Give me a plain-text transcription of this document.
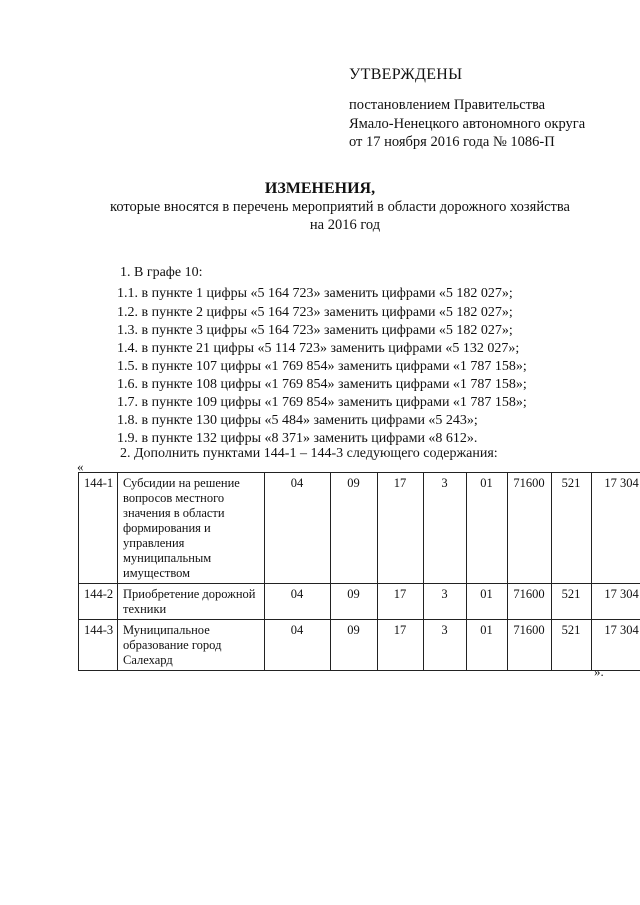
УТВЕРЖДЕНЫ
постановлением Правительства
Ямало-Ненецкого автономного округа
от 17 ноября 2016 года № 1086-П
ИЗМЕНЕНИЯ,
которые вносятся в перечень мероприятий в области дорожного хозяйства
на 2016 год
1. В графе 10:
1.1. в пункте 1 цифры «5 164 723» заменить цифрами «5 182 027»;
1.2. в пункте 2 цифры «5 164 723» заменить цифрами «5 182 027»;
1.3. в пункте 3 цифры «5 164 723» заменить цифрами «5 182 027»;
1.4. в пункте 21 цифры «5 114 723» заменить цифрами «5 132 027»;
1.5. в пункте 107 цифры «1 769 854» заменить цифрами «1 787 158»;
1.6. в пункте 108 цифры «1 769 854» заменить цифрами «1 787 158»;
1.7. в пункте 109 цифры «1 769 854» заменить цифрами «1 787 158»;
1.8. в пункте 130 цифры «5 484» заменить цифрами «5 243»;
1.9. в пункте 132 цифры «8 371» заменить цифрами «8 612».
2. Дополнить пунктами 144-1 – 144-3 следующего содержания:
«
144-1	Субсидии на решение вопросов местного значения в области формирования и управления муниципальным имуществом	04	09	17	3	01	71600	521	17 304
144-2	Приобретение дорожной техники	04	09	17	3	01	71600	521	17 304
144-3	Муниципальное образование город Салехард	04	09	17	3	01	71600	521	17 304
».
